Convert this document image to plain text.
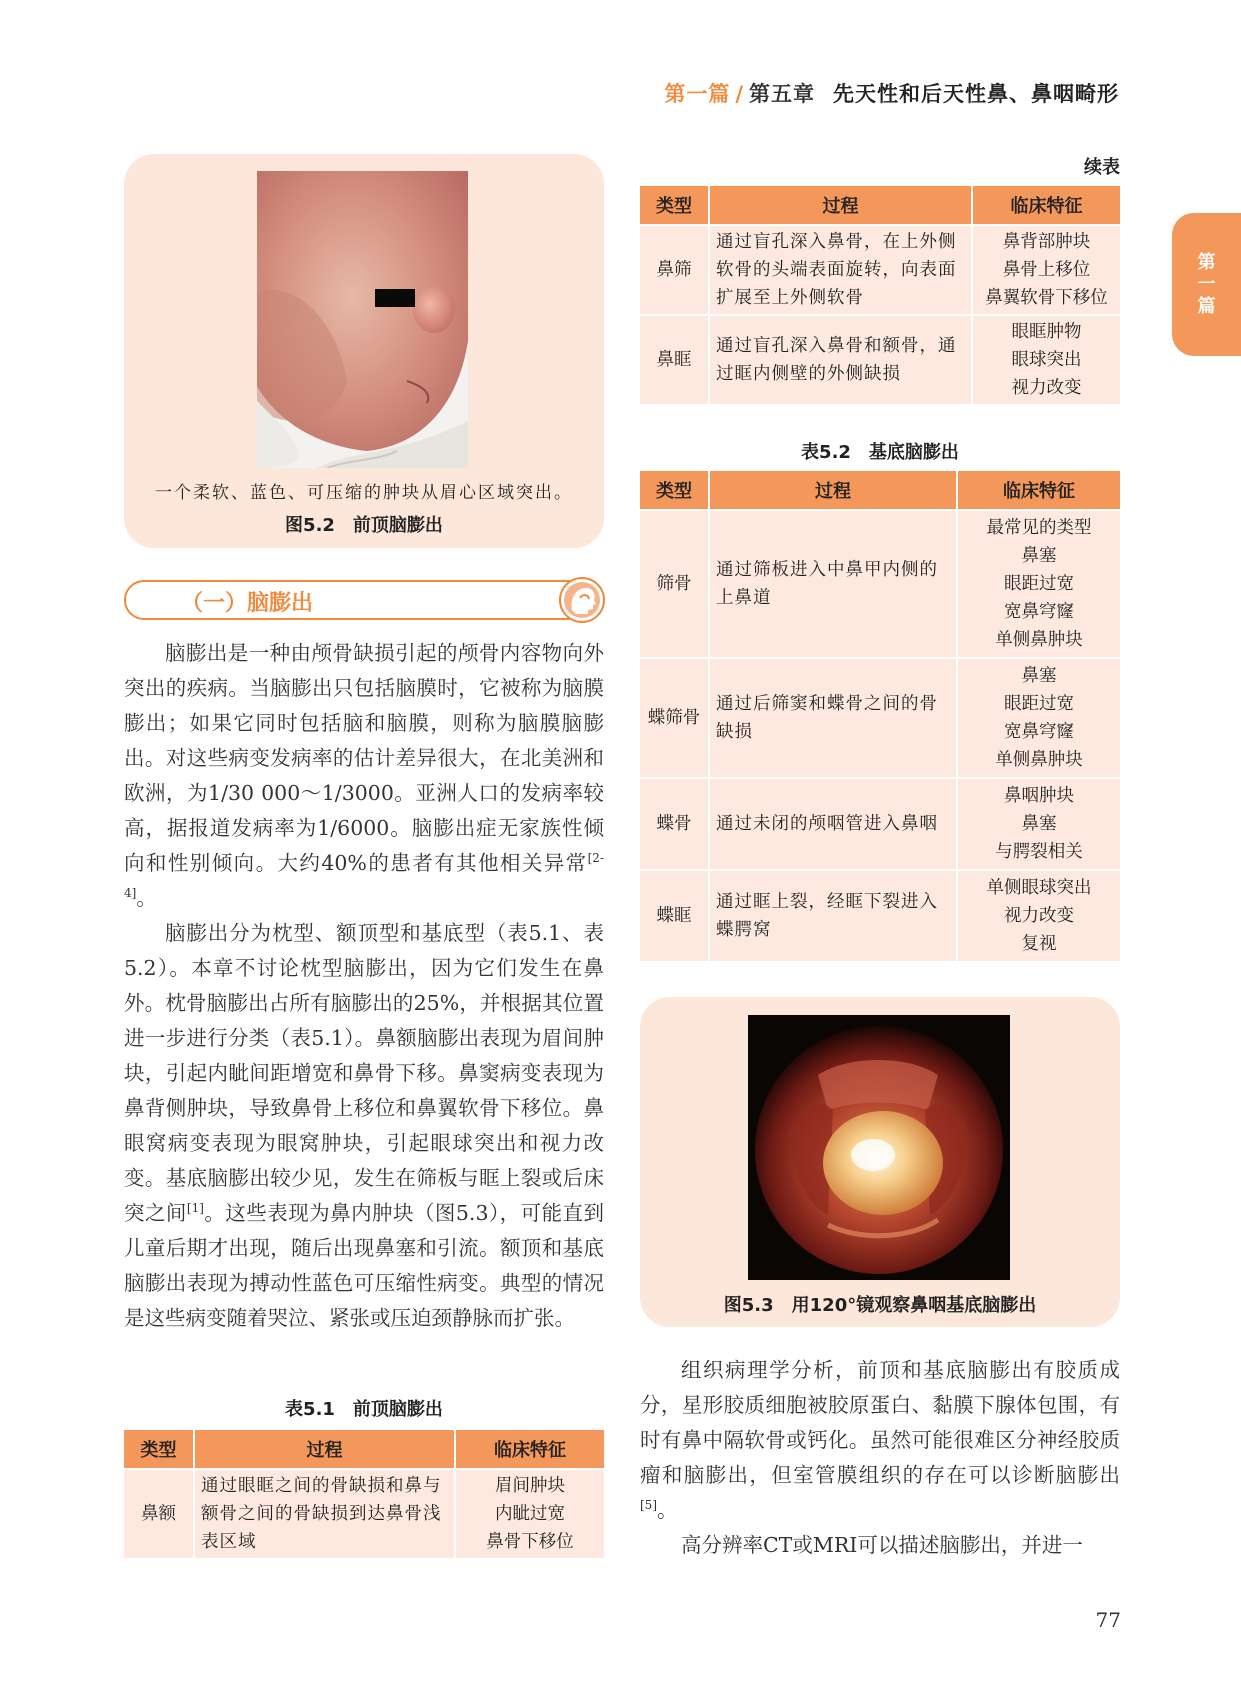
第一篇 / 第五章 先天性和后天性鼻、鼻咽畸形
第
一
篇
一个柔软、蓝色、可压缩的肿块从眉心区域突出。
图5.2　前顶脑膨出
（一）脑膨出

脑膨出是一种由颅骨缺损引起的颅骨内容物向外突出的疾病。当脑膨出只包括脑膜时，它被称为脑膜膨出；如果它同时包括脑和脑膜，则称为脑膜脑膨出。对这些病变发病率的估计差异很大，在北美洲和欧洲，为1/30 000～1/3000。亚洲人口的发病率较高，据报道发病率为1/6000。脑膨出症无家族性倾向和性别倾向。大约40%的患者有其他相关异常[2-4]。

脑膨出分为枕型、额顶型和基底型（表5.1、表5.2）。本章不讨论枕型脑膨出，因为它们发生在鼻外。枕骨脑膨出占所有脑膨出的25%，并根据其位置进一步进行分类（表5.1）。鼻额脑膨出表现为眉间肿块，引起内眦间距增宽和鼻骨下移。鼻窦病变表现为鼻背侧肿块，导致鼻骨上移位和鼻翼软骨下移位。鼻眼窝病变表现为眼窝肿块，引起眼球突出和视力改变。基底脑膨出较少见，发生在筛板与眶上裂或后床突之间[1]。这些表现为鼻内肿块（图5.3），可能直到儿童后期才出现，随后出现鼻塞和引流。额顶和基底脑膨出表现为搏动性蓝色可压缩性病变。典型的情况是这些病变随着哭泣、紧张或压迫颈静脉而扩张。

表5.1　前顶脑膨出
类型	过程	临床特征
鼻额	通过眼眶之间的骨缺损和鼻与额骨之间的骨缺损到达鼻骨浅表区域	眉间肿块
内眦过宽
鼻骨下移位
续表
类型	过程	临床特征
鼻筛	通过盲孔深入鼻骨，在上外侧软骨的头端表面旋转，向表面扩展至上外侧软骨	鼻背部肿块
鼻骨上移位
鼻翼软骨下移位

鼻眶	通过盲孔深入鼻骨和额骨，通过眶内侧壁的外侧缺损	眼眶肿物
眼球突出
视力改变
表5.2　基底脑膨出
类型	过程	临床特征
筛骨	通过筛板进入中鼻甲内侧的上鼻道	最常见的类型
鼻塞
眼距过宽
宽鼻穹窿
单侧鼻肿块

蝶筛骨	通过后筛窦和蝶骨之间的骨缺损	鼻塞
眼距过宽
宽鼻穹窿
单侧鼻肿块

蝶骨	通过未闭的颅咽管进入鼻咽	鼻咽肿块
鼻塞
与腭裂相关

蝶眶	通过眶上裂，经眶下裂进入蝶腭窝	单侧眼球突出
视力改变
复视
图5.3　用120°镜观察鼻咽基底脑膨出

组织病理学分析，前顶和基底脑膨出有胶质成分，星形胶质细胞被胶原蛋白、黏膜下腺体包围，有时有鼻中隔软骨或钙化。虽然可能很难区分神经胶质瘤和脑膨出，但室管膜组织的存在可以诊断脑膨出[5]。

高分辨率CT或MRI可以描述脑膨出，并进一

77
